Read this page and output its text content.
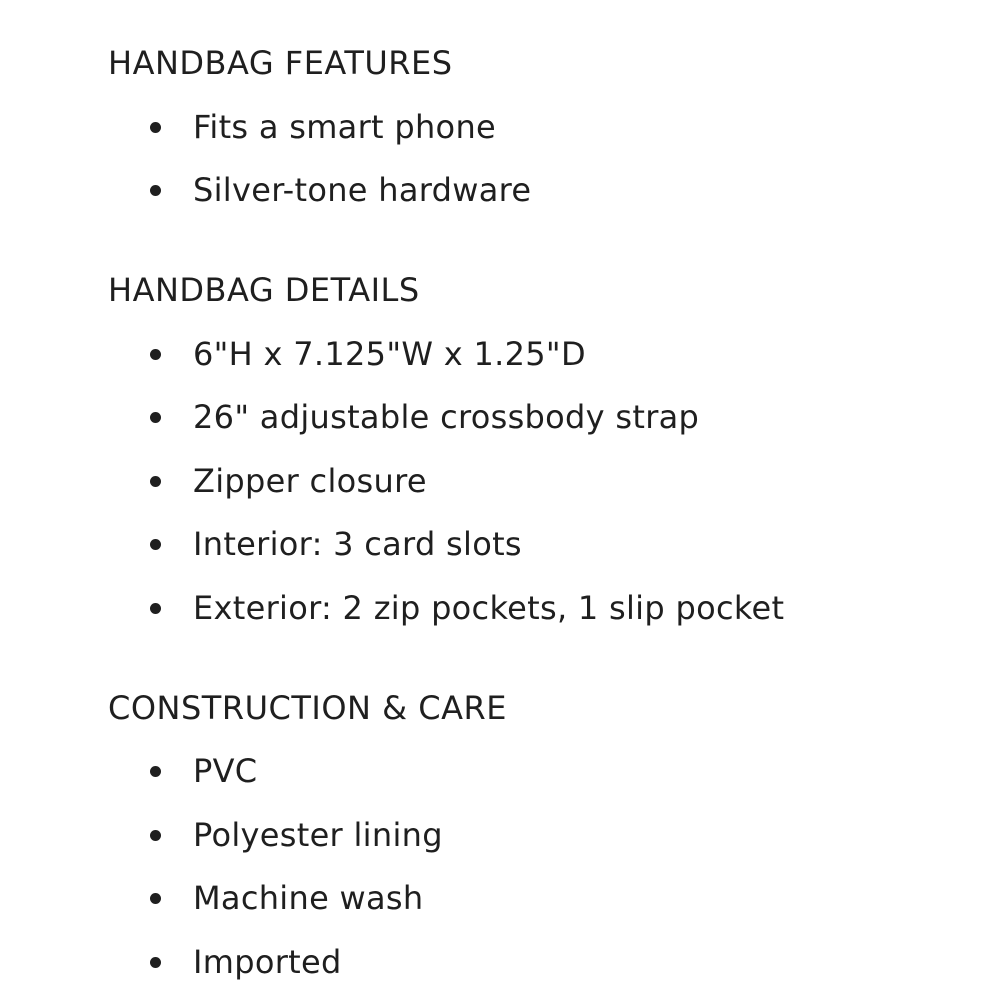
HANDBAG FEATURES
Fits a smart phone
Silver-tone hardware
HANDBAG DETAILS
6"H x 7.125"W x 1.25"D
26" adjustable crossbody strap
Zipper closure
Interior: 3 card slots
Exterior: 2 zip pockets, 1 slip pocket
CONSTRUCTION & CARE
PVC
Polyester lining
Machine wash
Imported
